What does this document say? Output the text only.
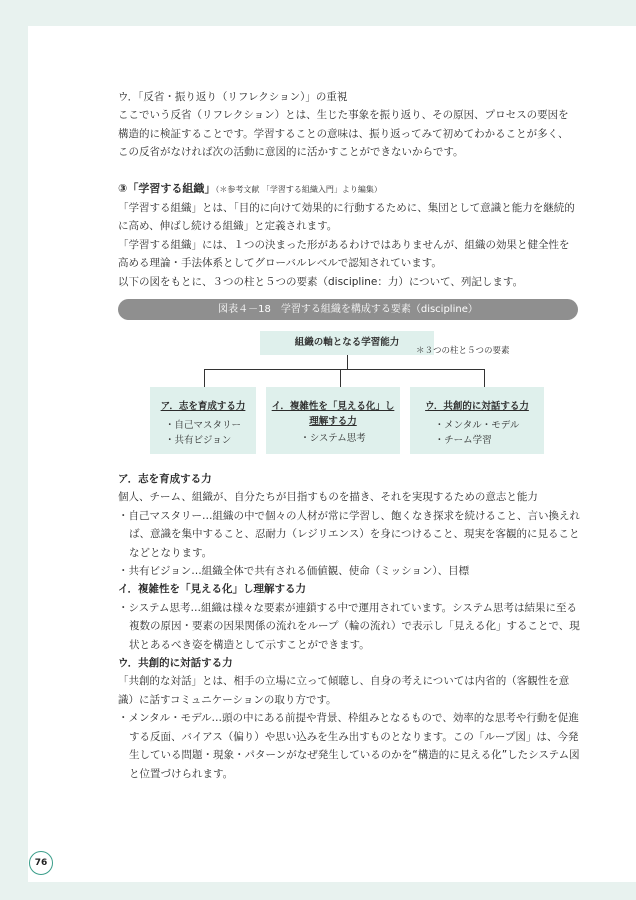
ウ．「反省・振り返り（リフレクション）」の重視

ここでいう反省（リフレクション）とは、生じた事象を振り返り、その原因、プロセスの要因を

構造的に検証することです。学習することの意味は、振り返ってみて初めてわかることが多く、

この反省がなければ次の活動に意図的に活かすことができないからです。

③「学習する組織」（＊参考文献 「学習する組織入門」より編集）

「学習する組織」とは、「目的に向けて効果的に行動するために、集団として意識と能力を継続的

に高め、伸ばし続ける組織」と定義されます。

「学習する組織」には、１つの決まった形があるわけではありませんが、組織の効果と健全性を

高める理論・手法体系としてグローバルレベルで認知されています。

以下の図をもとに、３つの柱と５つの要素（discipline：力）について、列記します。

図表４－18　学習する組織を構成する要素（discipline）
組織の軸となる学習能力
＊３つの柱と５つの要素
ア．志を育成する力
・自己マスタリー
・共有ビジョン
イ．複雑性を「見える化」し
理解する力
・システム思考
ウ．共創的に対話する力
・メンタル・モデル
・チーム学習

ア．志を育成する力

個人、チーム、組織が、自分たちが目指すものを描き、それを実現するための意志と能力

・自己マスタリー…組織の中で個々の人材が常に学習し、飽くなき探求を続けること、言い換えれば、意識を集中すること、忍耐力（レジリエンス）を身につけること、現実を客観的に見ることなどとなります。

・共有ビジョン…組織全体で共有される価値観、使命（ミッション）、目標

イ．複雑性を「見える化」し理解する力

・システム思考…組織は様々な要素が連鎖する中で運用されています。システム思考は結果に至る複数の原因・要素の因果関係の流れをループ（輪の流れ）で表示し「見える化」することで、現状とあるべき姿を構造として示すことができます。

ウ．共創的に対話する力

「共創的な対話」とは、相手の立場に立って傾聴し、自身の考えについては内省的（客観性を意識）に話すコミュニケーションの取り方です。

・メンタル・モデル…頭の中にある前提や背景、枠組みとなるもので、効率的な思考や行動を促進する反面、バイアス（偏り）や思い込みを生み出すものとなります。この「ループ図」は、今発生している問題・現象・パターンがなぜ発生しているのかを“構造的に見える化”したシステム図と位置づけられます。

76
